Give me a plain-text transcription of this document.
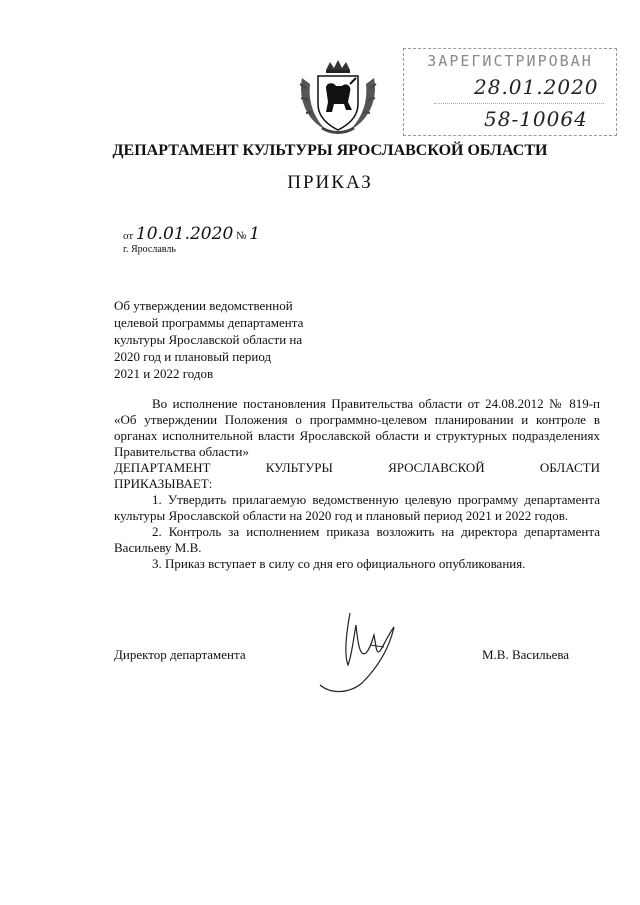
ЗАРЕГИСТРИРОВАН
28.01.2020
58-10064
ДЕПАРТАМЕНТ КУЛЬТУРЫ ЯРОСЛАВСКОЙ ОБЛАСТИ
ПРИКАЗ
от 10.01.2020 № 1
г. Ярославль
Об утверждении ведомственной
целевой программы департамента
культуры Ярославской области на
2020 год и плановый период
2021 и 2022 годов

Во исполнение постановления Правительства области от 24.08.2012 № 819-п «Об утверждении Положения о программно-целевом планировании и контроле в органах исполнительной власти Ярославской области и структурных подразделениях Правительства области»

ДЕПАРТАМЕНТ КУЛЬТУРЫ ЯРОСЛАВСКОЙ ОБЛАСТИ

ПРИКАЗЫВАЕТ:

1. Утвердить прилагаемую ведомственную целевую программу департамента культуры Ярославской области на 2020 год и плановый период 2021 и 2022 годов.

2. Контроль за исполнением приказа возложить на директора департамента Васильеву М.В.

3. Приказ вступает в силу со дня его официального опубликования.

Директор департамента	М.В. Васильева
